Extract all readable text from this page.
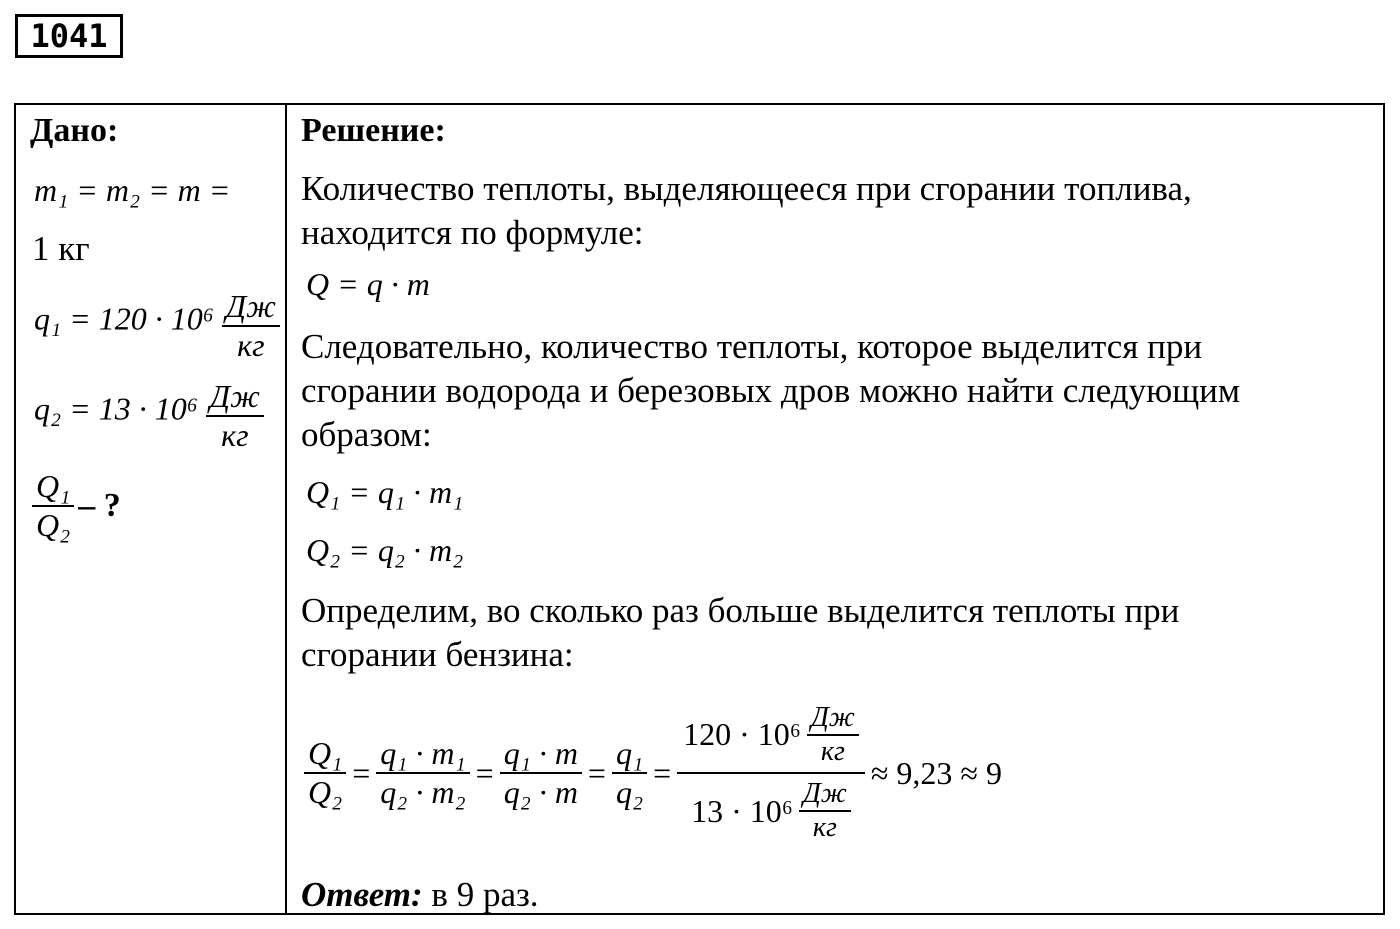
1041
Дано:
m₁ = m₂ = m =
1 кг
$q_1 = 120 \cdot 10^6 \frac{Дж}{кг}$
$q_2 = 13 \cdot 10^6 \frac{Дж}{кг}$
$\frac{\text{Q₁}}{\text{Q₂}}$ – ?
Решение:
Количество теплоты, выделяющееся при сгорании топлива,
находится по формуле:
Q = q · m
Следовательно, количество теплоты, которое выделится при
сгорании водорода и березовых дров можно найти следующим
образом:
Q₁ = q₁ · m₁
Q₂ = q₂ · m₂
Определим, во сколько раз больше выделится теплоты при
сгорании бензина:
$\frac{\text{Q₁}}{\text{Q₂}} = \frac{\text{q₁ · m₁}}{\text{q₂ · m₂}} = \frac{\text{q₁ · m}}{\text{q₂ · m}} = \frac{\text{q₁}}{\text{q₂}} = \frac{120 \cdot 10^6 \frac{Дж}{кг}}{13 \cdot 10^6 \frac{Дж}{кг}} \approx 9,23 \approx 9$
Ответ: в 9 раз.
